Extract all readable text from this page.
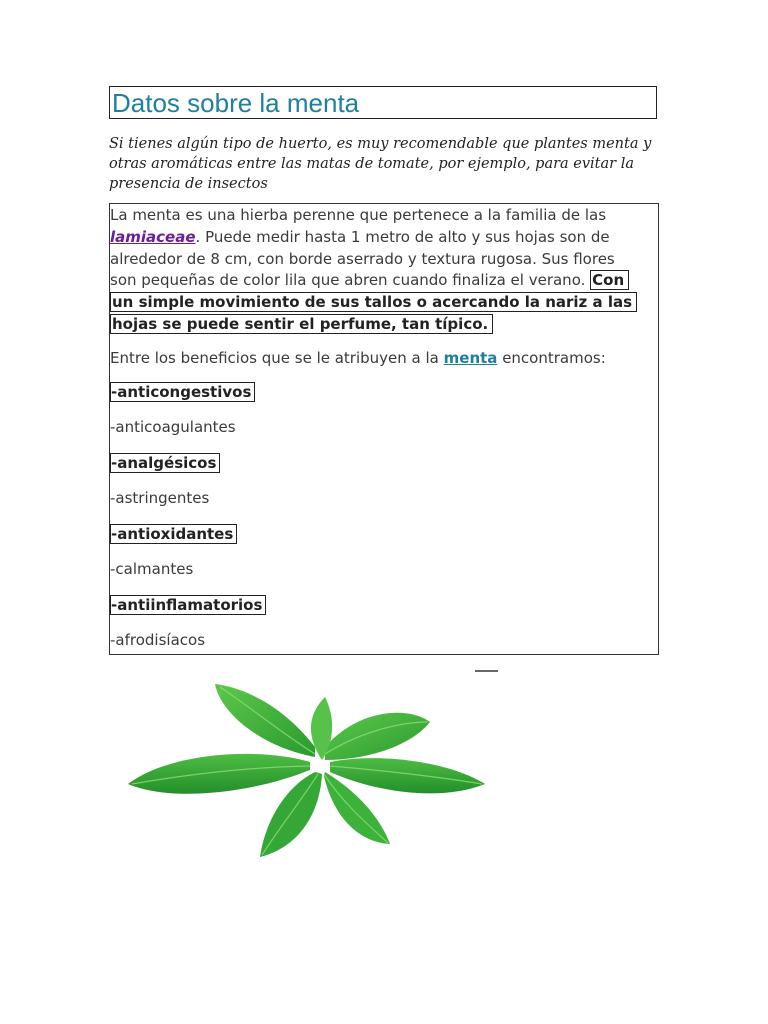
Datos sobre la menta

Si tienes algún tipo de huerto, es muy recomendable que plantes menta y otras aromáticas entre las matas de tomate, por ejemplo, para evitar la presencia de insectos

La menta es una hierba perenne que pertenece a la familia de las lamiaceae. Puede medir hasta 1 metro de alto y sus hojas son de alrededor de 8 cm, con borde aserrado y textura rugosa. Sus flores son pequeñas de color lila que abren cuando finaliza el verano. Con un simple movimiento de sus tallos o acercando la nariz a las hojas se puede sentir el perfume, tan típico.

Entre los beneficios que se le atribuyen a la menta encontramos:

-anticongestivos

-anticoagulantes

-analgésicos

-astringentes

-antioxidantes

-calmantes

-antiinflamatorios

-afrodisíacos
